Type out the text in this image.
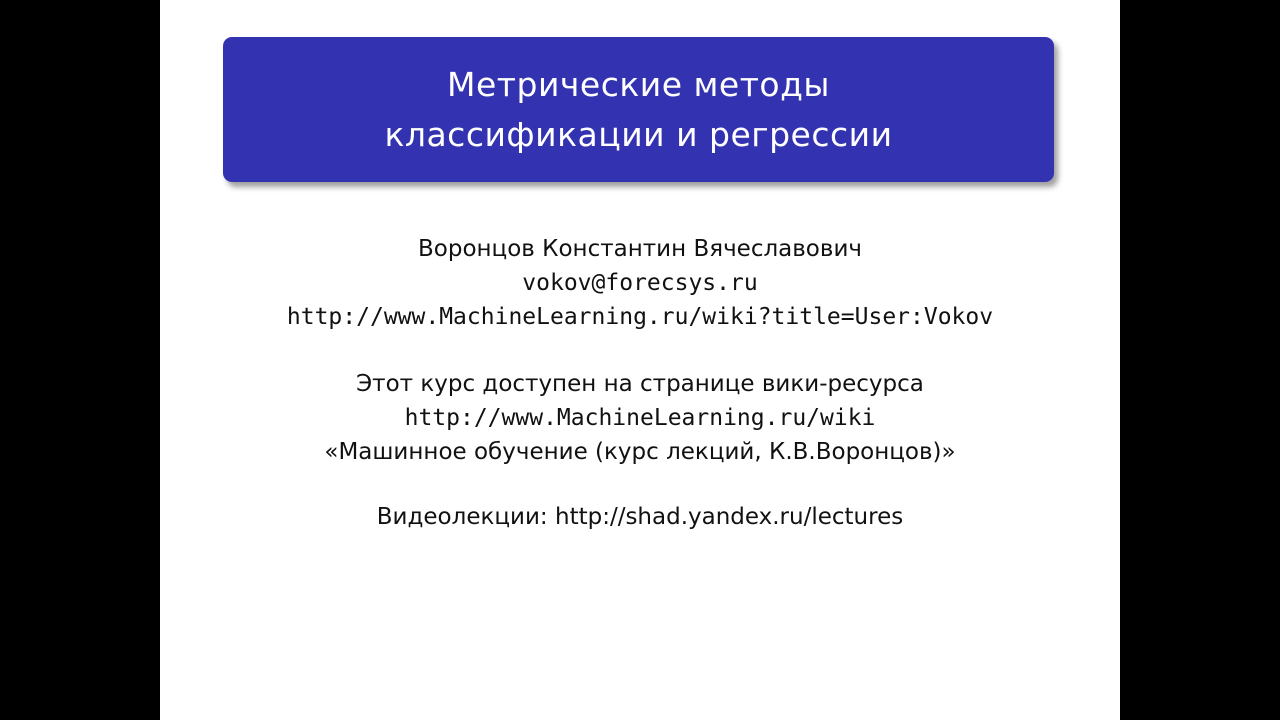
Метрические методы
классификации и регрессии
Воронцов Константин Вячеславович
vokov@forecsys.ru
http://www.MachineLearning.ru/wiki?title=User:Vokov
Этот курс доступен на странице вики-ресурса
http://www.MachineLearning.ru/wiki
«Машинное обучение (курс лекций, К.В.Воронцов)»
Видеолекции: http://shad.yandex.ru/lectures
